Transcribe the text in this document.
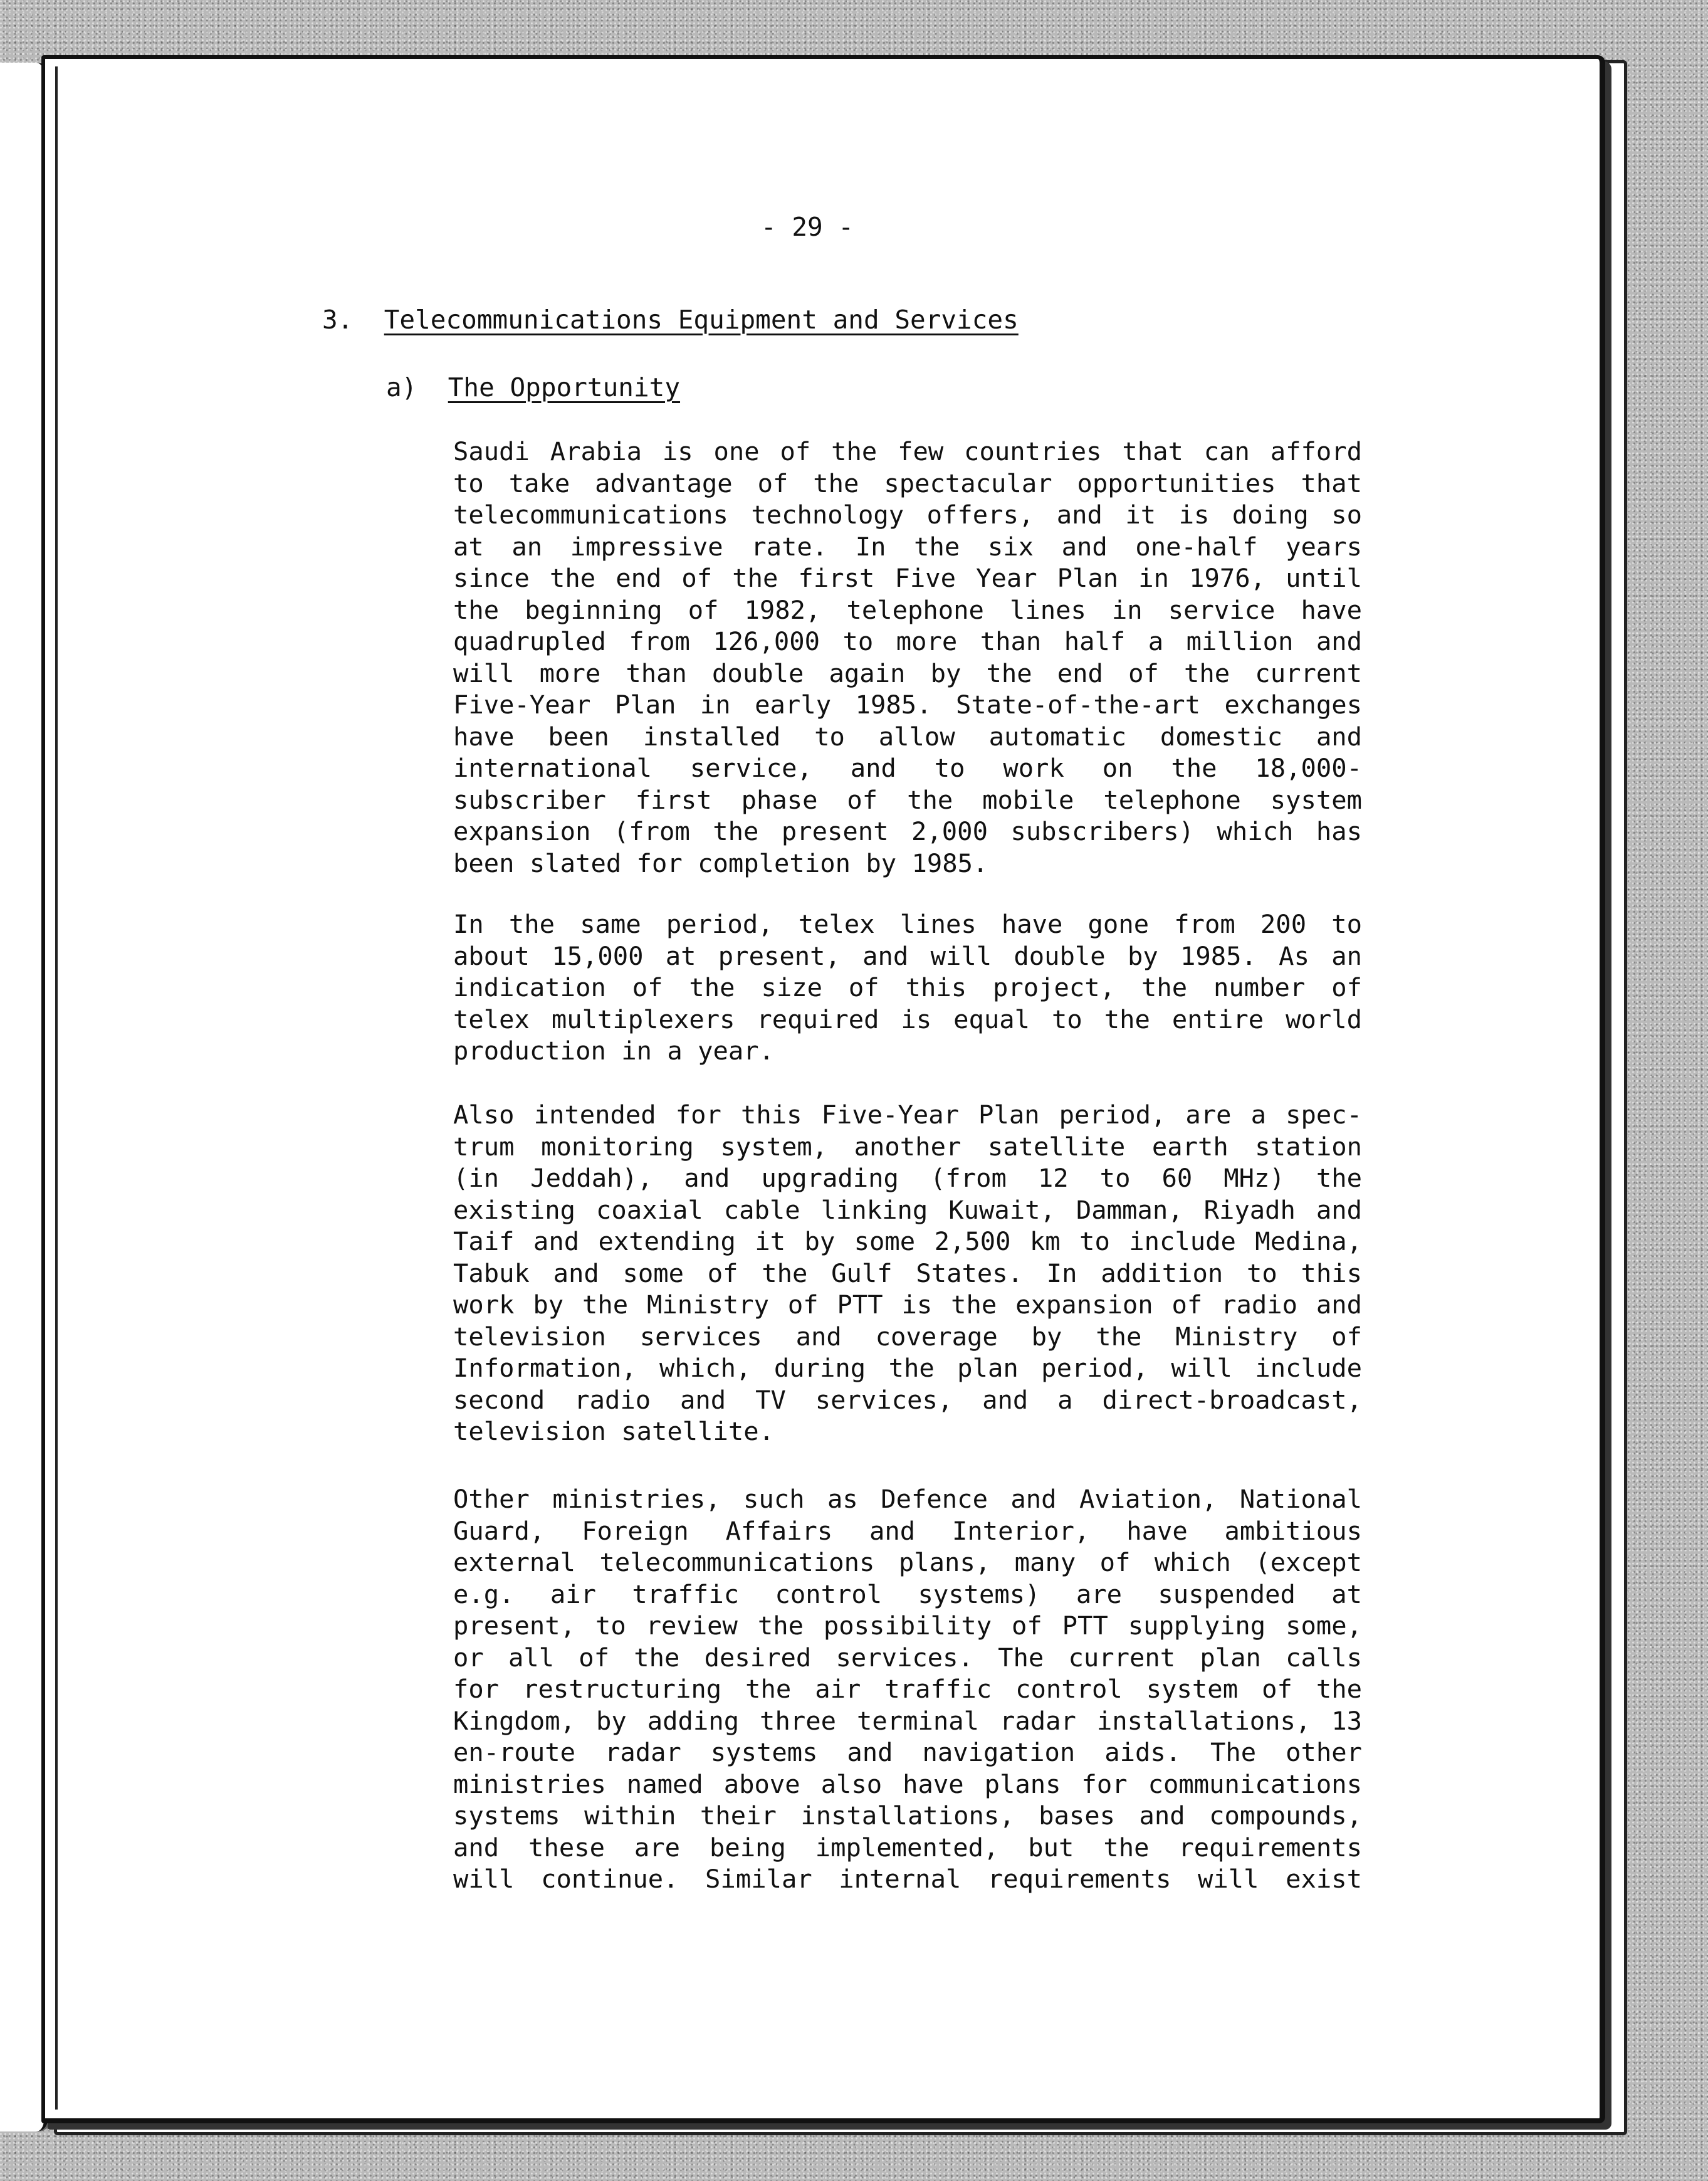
- 29 -

3. Telecommunications Equipment and Services

a) The Opportunity

Saudi Arabia is one of the few countries that can afford
to take advantage of the spectacular opportunities that
telecommunications technology offers, and it is doing so
at an impressive rate. In the six and one-half years
since the end of the first Five Year Plan in 1976, until
the beginning of 1982, telephone lines in service have
quadrupled from 126,000 to more than half a million and
will more than double again by the end of the current
Five-Year Plan in early 1985. State-of-the-art exchanges
have been installed to allow automatic domestic and
international service, and to work on the 18,000-
subscriber first phase of the mobile telephone system
expansion (from the present 2,000 subscribers) which has
been slated for completion by 1985.
In the same period, telex lines have gone from 200 to
about 15,000 at present, and will double by 1985. As an
indication of the size of this project, the number of
telex multiplexers required is equal to the entire world
production in a year.
Also intended for this Five-Year Plan period, are a spec-
trum monitoring system, another satellite earth station
(in Jeddah), and upgrading (from 12 to 60 MHz) the
existing coaxial cable linking Kuwait, Damman, Riyadh and
Taif and extending it by some 2,500 km to include Medina,
Tabuk and some of the Gulf States. In addition to this
work by the Ministry of PTT is the expansion of radio and
television services and coverage by the Ministry of
Information, which, during the plan period, will include
second radio and TV services, and a direct-broadcast,
television satellite.
Other ministries, such as Defence and Aviation, National
Guard, Foreign Affairs and Interior, have ambitious
external telecommunications plans, many of which (except
e.g. air traffic control systems) are suspended at
present, to review the possibility of PTT supplying some,
or all of the desired services. The current plan calls
for restructuring the air traffic control system of the
Kingdom, by adding three terminal radar installations, 13
en-route radar systems and navigation aids. The other
ministries named above also have plans for communications
systems within their installations, bases and compounds,
and these are being implemented, but the requirements
will continue. Similar internal requirements will exist
